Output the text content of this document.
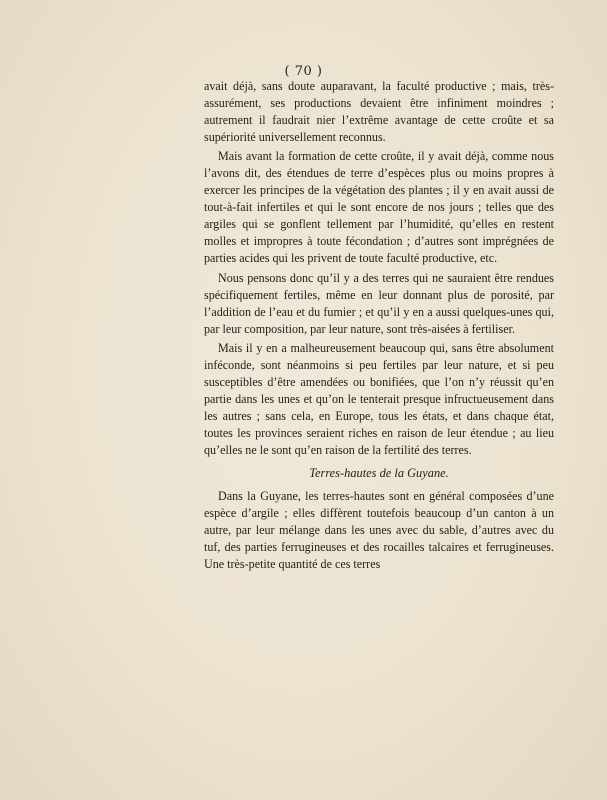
( 70 )

avait déjà, sans doute auparavant, la faculté productive ; mais, très-assurément, ses productions devaient être infiniment moindres ; autrement il faudrait nier l’extrême avantage de cette croûte et sa supériorité universellement reconnus.

Mais avant la formation de cette croûte, il y avait déjà, comme nous l’avons dit, des étendues de terre d’espèces plus ou moins propres à exercer les principes de la végétation des plantes ; il y en avait aussi de tout-à-fait infertiles et qui le sont encore de nos jours ; telles que des argiles qui se gonflent tellement par l’humidité, qu’elles en restent molles et impropres à toute fécondation ; d’autres sont imprégnées de parties acides qui les privent de toute faculté productive, etc.

Nous pensons donc qu’il y a des terres qui ne sauraient être rendues spécifiquement fertiles, même en leur donnant plus de porosité, par l’addition de l’eau et du fumier ; et qu’il y en a aussi quelques-unes qui, par leur composition, par leur nature, sont très-aisées à fertiliser.

Mais il y en a malheureusement beaucoup qui, sans être absolument inféconde, sont néanmoins si peu fertiles par leur nature, et si peu susceptibles d’être amendées ou bonifiées, que l’on n’y réussit qu’en partie dans les unes et qu’on le tenterait presque infructueusement dans les autres ; sans cela, en Europe, tous les états, et dans chaque état, toutes les provinces seraient riches en raison de leur étendue ; au lieu qu’elles ne le sont qu’en raison de la fertilité des terres.

Terres-hautes de la Guyane.

Dans la Guyane, les terres-hautes sont en général composées d’une espèce d’argile ; elles diffèrent toutefois beaucoup d’un canton à un autre, par leur mélange dans les unes avec du sable, d’autres avec du tuf, des parties ferrugineuses et des rocailles talcaires et ferrugineuses. Une très-petite quantité de ces terres
